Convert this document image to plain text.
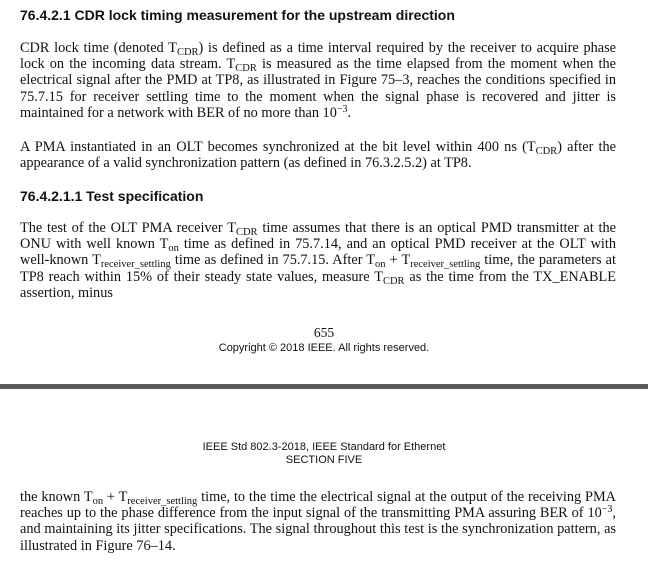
76.4.2.1 CDR lock timing measurement for the upstream direction
CDR lock time (denoted $T_{CDR}$) is defined as a time interval required by the receiver to acquire phase lock on the incoming data stream. $T_{CDR}$ is measured as the time elapsed from the moment when the electrical signal after the PMD at TP8, as illustrated in Figure 75–3, reaches the conditions specified in 75.7.15 for receiver settling time to the moment when the signal phase is recovered and jitter is maintained for a network with BER of no more than $10^{-3}$.
A PMA instantiated in an OLT becomes synchronized at the bit level within 400 ns $(T_{CDR})$ after the appearance of a valid synchronization pattern (as defined in 76.3.2.5.2) at TP8.
76.4.2.1.1 Test specification
The test of the OLT PMA receiver $T_{CDR}$ time assumes that there is an optical PMD transmitter at the ONU with well known $T_{on}$ time as defined in 75.7.14, and an optical PMD receiver at the OLT with well-known $T_{receiver\_settling}$ time as defined in 75.7.15. After $T_{on} + T_{receiver\_settling}$ time, the parameters at TP8 reach within 15% of their steady state values, measure $T_{CDR}$ as the time from the TX_ENABLE assertion, minus
655
Copyright © 2018 IEEE. All rights reserved.
IEEE Std 802.3-2018, IEEE Standard for Ethernet
SECTION FIVE
the known $T_{on} + T_{receiver\_settling}$ time, to the time the electrical signal at the output of the receiving PMA reaches up to the phase difference from the input signal of the transmitting PMA assuring BER of $10^{-3}$, and maintaining its jitter specifications. The signal throughout this test is the synchronization pattern, as illustrated in Figure 76–14.
